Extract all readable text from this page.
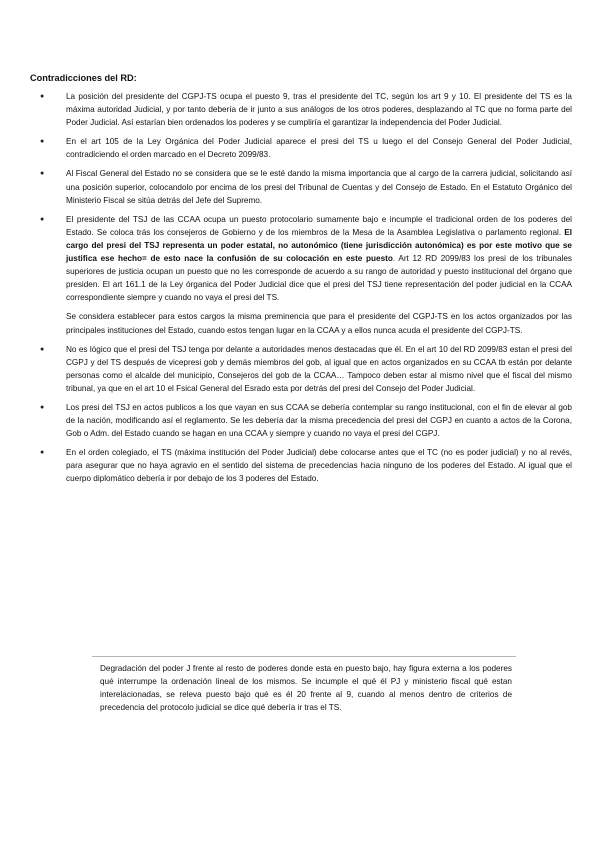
Contradicciones del RD:

● La posición del presidente del CGPJ-TS ocupa el puesto 9, tras el presidente del TC, según los art 9 y 10. El presidente del TS es la máxima autoridad Judicial, y por tanto debería de ir junto a sus análogos de los otros poderes, desplazando al TC que no forma parte del Poder Judicial. Así estarían bien ordenados los poderes y se cumpliría el garantizar la independencia del Poder Judicial.

● En el art 105 de la Ley Orgánica del Poder Judicial aparece el presi del TS u luego el del Consejo General del Poder Judicial, contradiciendo el orden marcado en el Decreto 2099/83.

● Al Fiscal General del Estado no se considera que se le esté dando la misma importancia que al cargo de la carrera judicial, solicitando así una posición superior, colocandolo por encima de los presi del Tribunal de Cuentas y del Consejo de Estado. En el Estatuto Orgánico del Ministerio Fiscal se sitúa detrás del Jefe del Supremo.

● El presidente del TSJ de las CCAA ocupa un puesto protocolario sumamente bajo e incumple el tradicional orden de los poderes del Estado. Se coloca trás los consejeros de Gobierno y de los miembros de la Mesa de la Asamblea Legislativa o parlamento regional. El cargo del presi del TSJ representa un poder estatal, no autonómico (tiene jurisdicción autonómica) es por este motivo que se justifica ese hecho= de esto nace la confusión de su colocación en este puesto. Art 12 RD 2099/83 los presi de los tribunales superiores de justicia ocupan un puesto que no les corresponde de acuerdo a su rango de autoridad y puesto institucional del órgano que presiden. El art 161.1 de la Ley órganica del Poder Judicial dice que el presi del TSJ tiene representación del poder judicial en la CCAA correspondiente siempre y cuando no vaya el presi del TS.

Se considera establecer para estos cargos la misma preminencia que para el presidente del CGPJ-TS en los actos organizados por las principales instituciones del Estado, cuando estos tengan lugar en la CCAA y a ellos nunca acuda el presidente del CGPJ-TS.

● No es lógico que el presi del TSJ tenga por delante a autoridades menos destacadas que él. En el art 10 del RD 2099/83 estan el presi del CGPJ y del TS después de vicepresi gob y demás miembros del gob, al igual que en actos organizados en su CCAA tb están por delante personas como el alcalde del municipio, Consejeros del gob de la CCAA… Tampoco deben estar al mismo nivel que el fiscal del mismo tribunal, ya que en el art 10 el Fsical General del Esrado esta por detrás del presi del Consejo del Poder Judicial.

● Los presi del TSJ en actos publicos a los que vayan en sus CCAA se debería contemplar su rango institucional, con el fin de elevar al gob de la nación, modificando así el reglamento. Se les debería dar la misma precedencia del presi del CGPJ en cuanto a actos de la Corona, Gob o Adm. del Estado cuando se hagan en una CCAA y siempre y cuando no vaya el presi del CGPJ.

● En el orden colegiado, el TS (máxima institución del Poder Judicial) debe colocarse antes que el TC (no es poder judicial) y no al revés, para asegurar que no haya agravio en el sentido del sistema de precedencias hacia ninguno de los poderes del Estado. Al igual que el cuerpo diplomático debería ir por debajo de los 3 poderes del Estado.

Degradación del poder J frente al resto de poderes donde esta en puesto bajo, hay figura externa a los poderes qué interrumpe la ordenación lineal de los mismos. Se incumple el qué él PJ y ministerio fiscal qué estan interelacionadas, se releva puesto bajo qué es él 20 frente al 9, cuando al menos dentro de criterios de precedencia del protocolo judicial se dice qué debería ir tras el TS.
